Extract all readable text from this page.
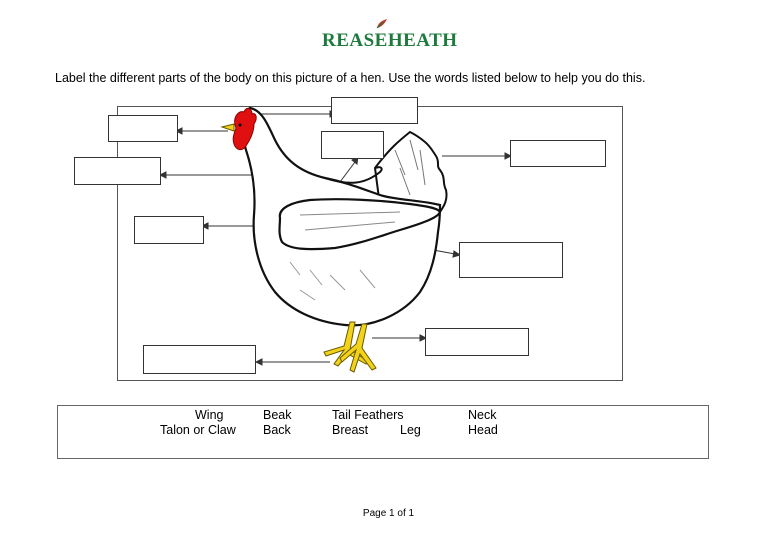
REASEHEATH
Label the different parts of the body on this picture of a hen. Use the words listed below to help you do this.
Wing	Beak	Tail Feathers	Neck
Talon or Claw Back	Breast	Leg	Head
Page 1 of 1
